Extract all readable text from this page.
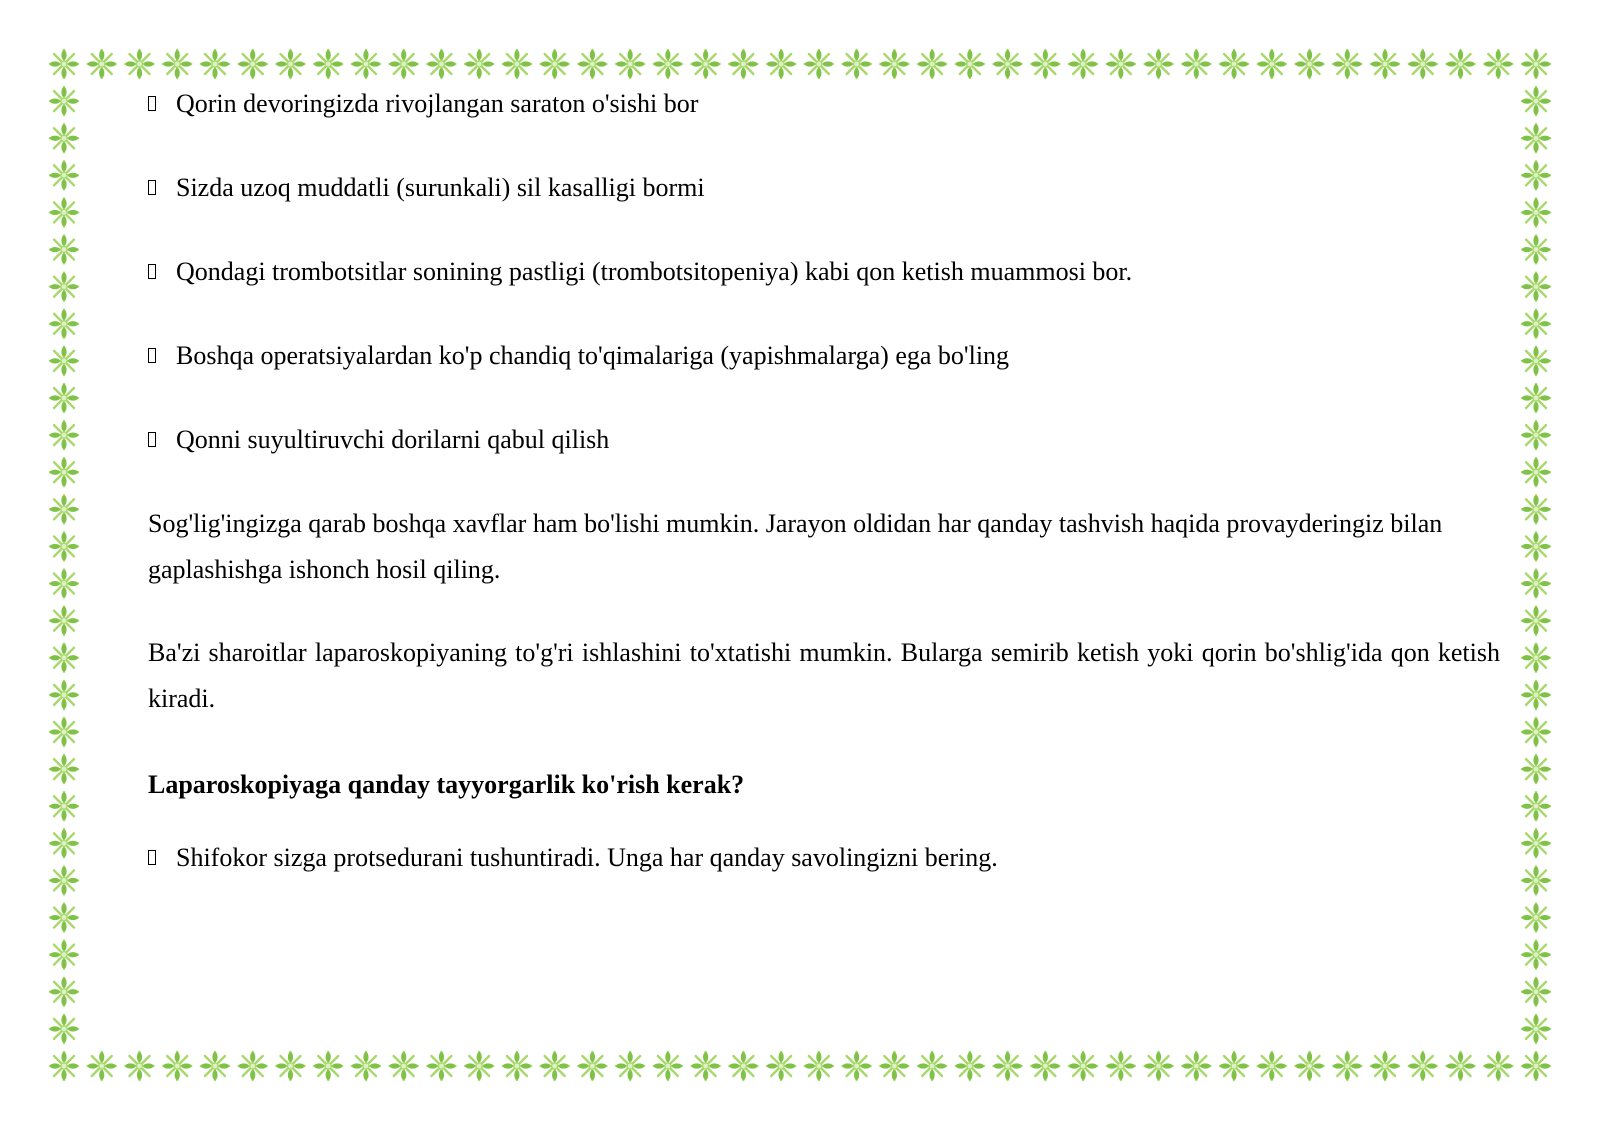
Qorin devoringizda rivojlangan saraton o'sishi bor
Sizda uzoq muddatli (surunkali) sil kasalligi bormi
Qondagi trombotsitlar sonining pastligi (trombotsitopeniya) kabi qon ketish muammosi bor.
Boshqa operatsiyalardan ko'p chandiq to'qimalariga (yapishmalarga) ega bo'ling
Qonni suyultiruvchi dorilarni qabul qilish

Sog'lig'ingizga qarab boshqa xavflar ham bo'lishi mumkin. Jarayon oldidan har qanday tashvish haqida provayderingiz bilan gaplashishga ishonch hosil qiling.

Ba'zi sharoitlar laparoskopiyaning to'g'ri ishlashini to'xtatishi mumkin. Bularga semirib ketish yoki qorin bo'shlig'ida qon ketish kiradi.

Laparoskopiyaga qanday tayyorgarlik ko'rish kerak?
Shifokor sizga protsedurani tushuntiradi. Unga har qanday savolingizni bering.
